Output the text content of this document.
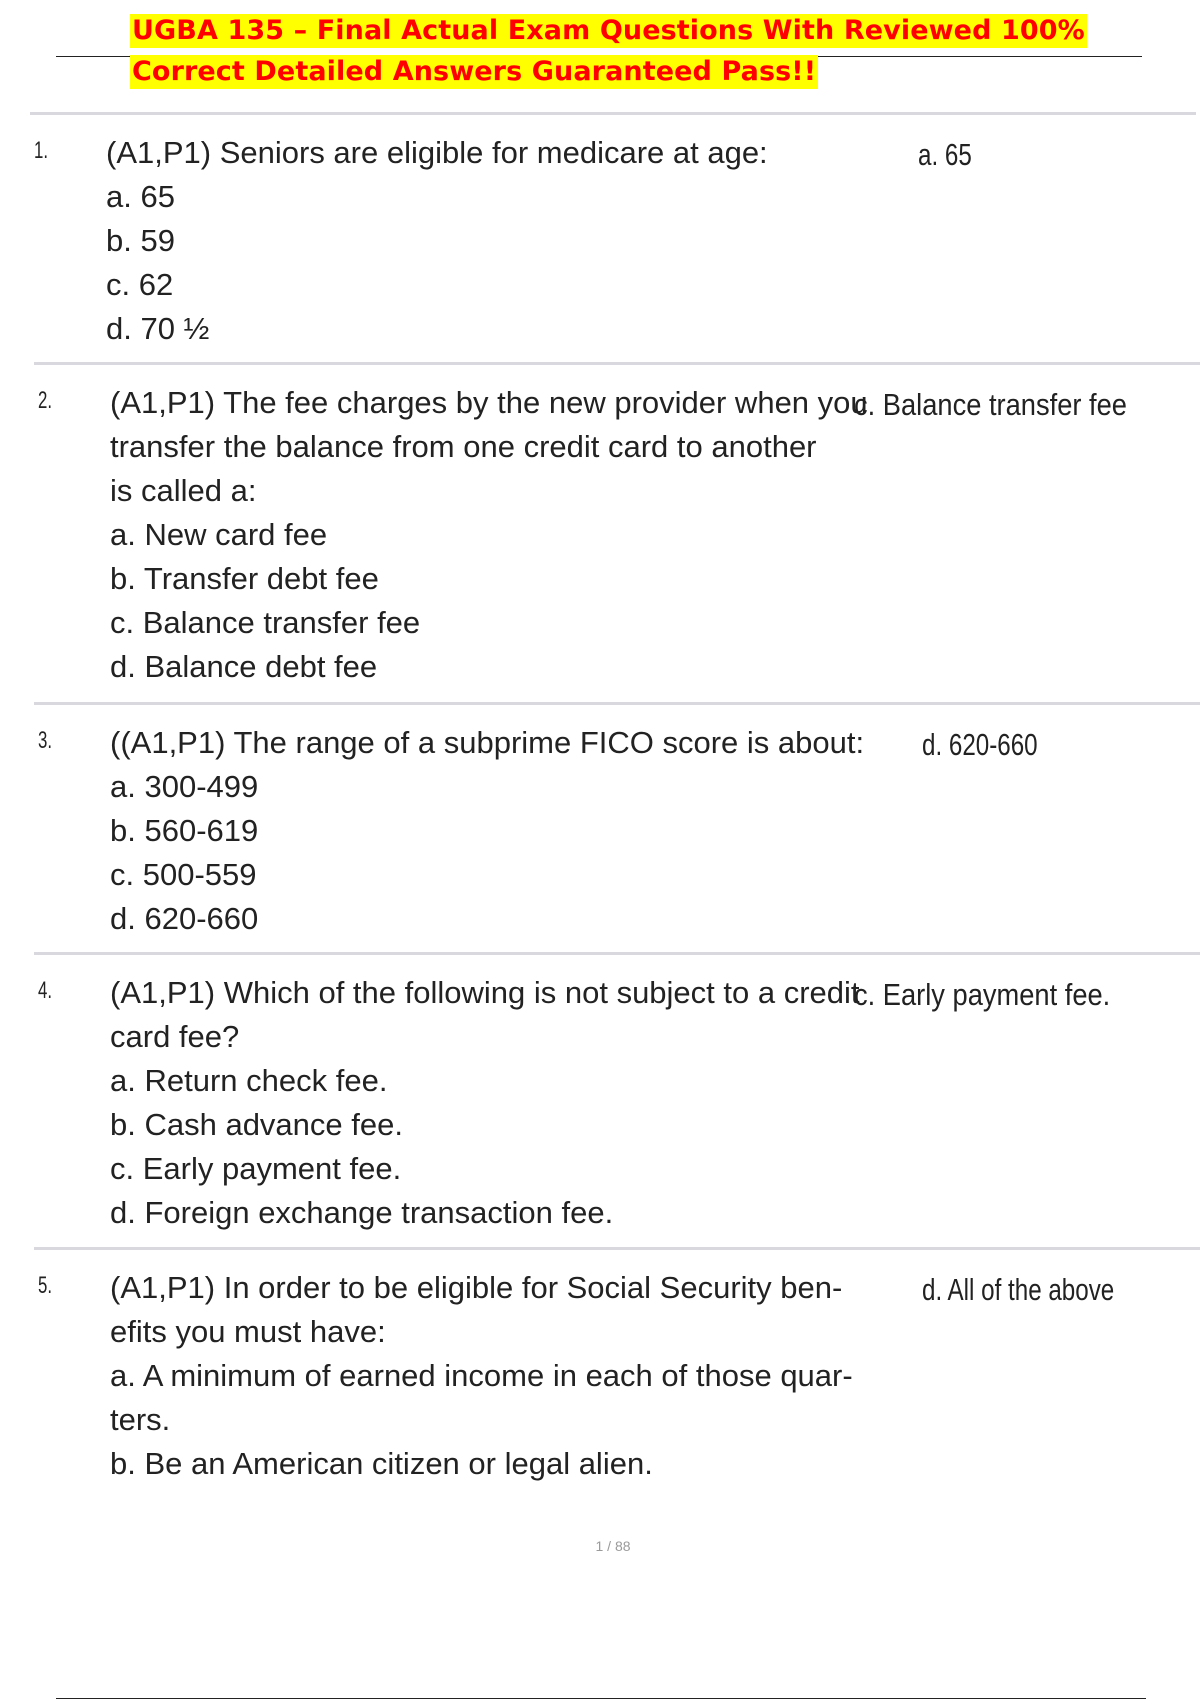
UGBA 135 – Final Actual Exam Questions With Reviewed 100%
Correct Detailed Answers Guaranteed Pass!!
1. (A1,P1) Seniors are eligible for medicare at age:
a. 65
b. 59
c. 62
d. 70 ½
a. 65
2. (A1,P1) The fee charges by the new provider when you
transfer the balance from one credit card to another
is called a:
a. New card fee
b. Transfer debt fee
c. Balance transfer fee
d. Balance debt fee
c. Balance transfer fee
3. ((A1,P1) The range of a subprime FICO score is about:
a. 300-499
b. 560-619
c. 500-559
d. 620-660
d. 620-660
4. (A1,P1) Which of the following is not subject to a credit
card fee?
a. Return check fee.
b. Cash advance fee.
c. Early payment fee.
d. Foreign exchange transaction fee.
c. Early payment fee.
5. (A1,P1) In order to be eligible for Social Security ben-
efits you must have:
a. A minimum of earned income in each of those quar-
ters.
b. Be an American citizen or legal alien.
d. All of the above
1 / 88
